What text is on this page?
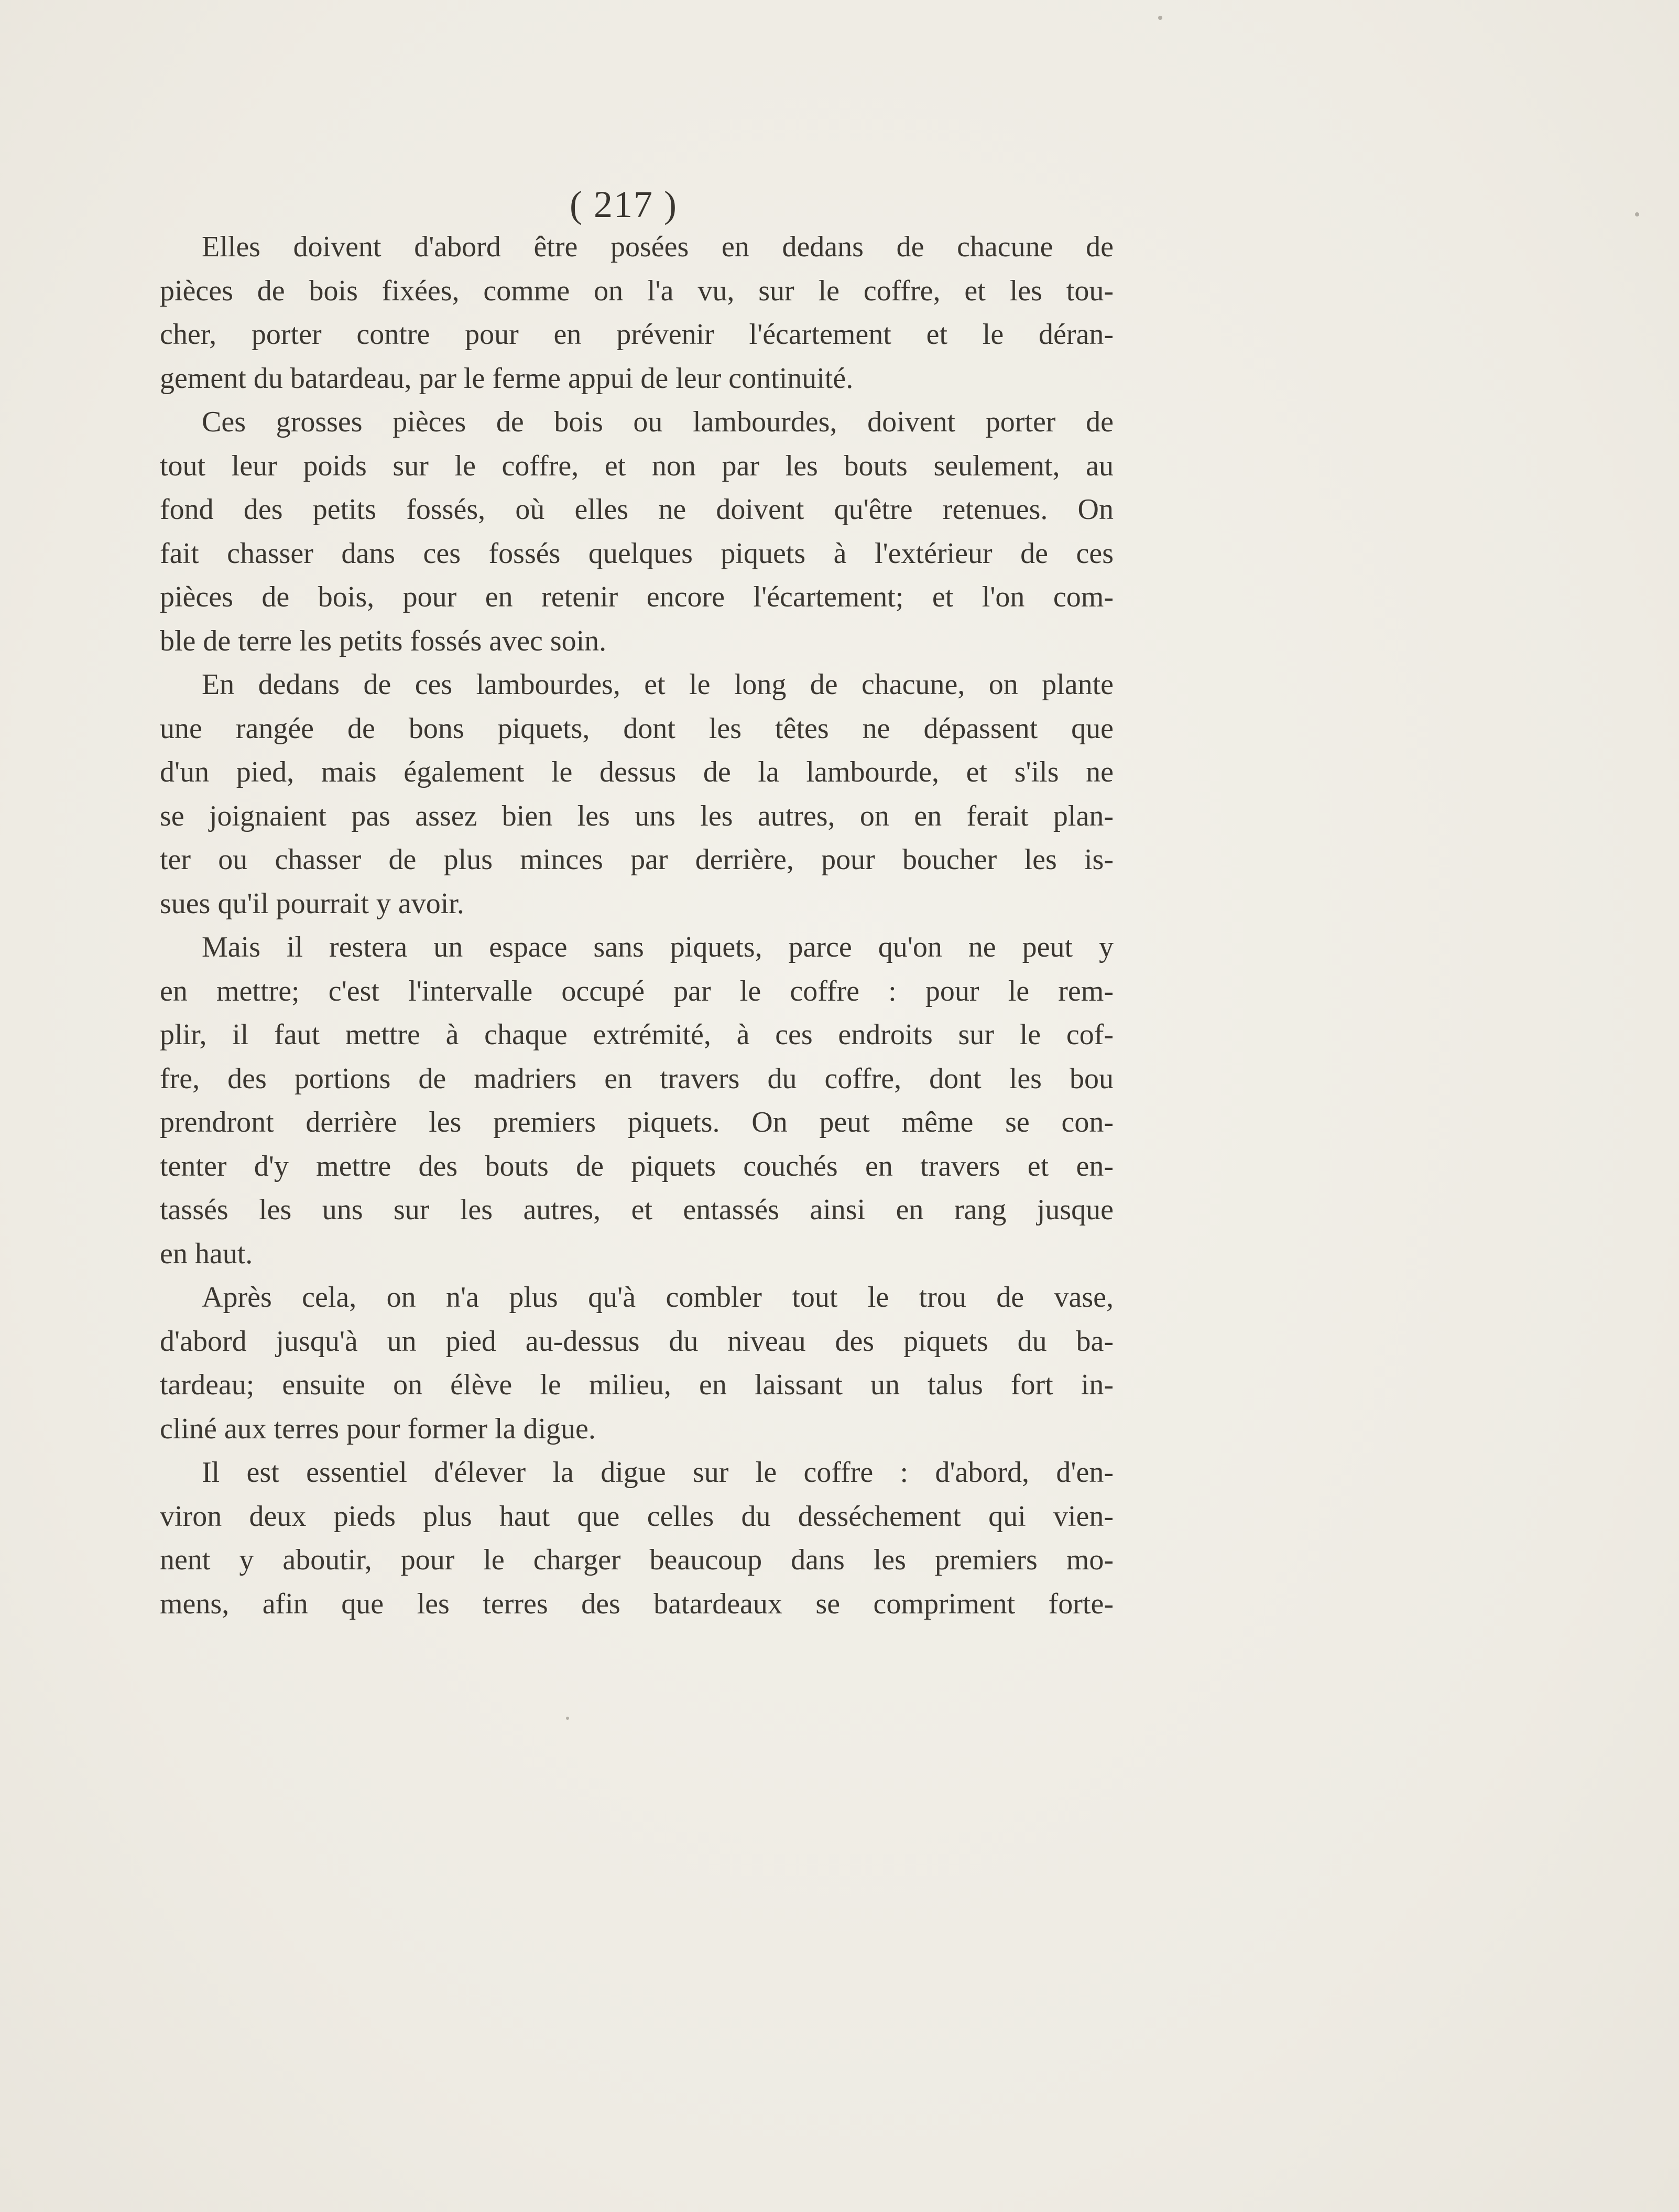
( 217 )
Elles doivent d'abord être posées en dedans de chacune de
pièces de bois fixées, comme on l'a vu, sur le coffre, et les tou-
cher, porter contre pour en prévenir l'écartement et le déran-
gement du batardeau, par le ferme appui de leur continuité.
Ces grosses pièces de bois ou lambourdes, doivent porter de
tout leur poids sur le coffre, et non par les bouts seulement, au
fond des petits fossés, où elles ne doivent qu'être retenues. On
fait chasser dans ces fossés quelques piquets à l'extérieur de ces
pièces de bois, pour en retenir encore l'écartement; et l'on com-
ble de terre les petits fossés avec soin.
En dedans de ces lambourdes, et le long de chacune, on plante
une rangée de bons piquets, dont les têtes ne dépassent que
d'un pied, mais également le dessus de la lambourde, et s'ils ne
se joignaient pas assez bien les uns les autres, on en ferait plan-
ter ou chasser de plus minces par derrière, pour boucher les is-
sues qu'il pourrait y avoir.
Mais il restera un espace sans piquets, parce qu'on ne peut y
en mettre; c'est l'intervalle occupé par le coffre : pour le rem-
plir, il faut mettre à chaque extrémité, à ces endroits sur le cof-
fre, des portions de madriers en travers du coffre, dont les bou
prendront derrière les premiers piquets. On peut même se con-
tenter d'y mettre des bouts de piquets couchés en travers et en-
tassés les uns sur les autres, et entassés ainsi en rang jusque
en haut.
Après cela, on n'a plus qu'à combler tout le trou de vase,
d'abord jusqu'à un pied au-dessus du niveau des piquets du ba-
tardeau; ensuite on élève le milieu, en laissant un talus fort in-
cliné aux terres pour former la digue.
Il est essentiel d'élever la digue sur le coffre : d'abord, d'en-
viron deux pieds plus haut que celles du desséchement qui vien-
nent y aboutir, pour le charger beaucoup dans les premiers mo-
mens, afin que les terres des batardeaux se compriment forte-
